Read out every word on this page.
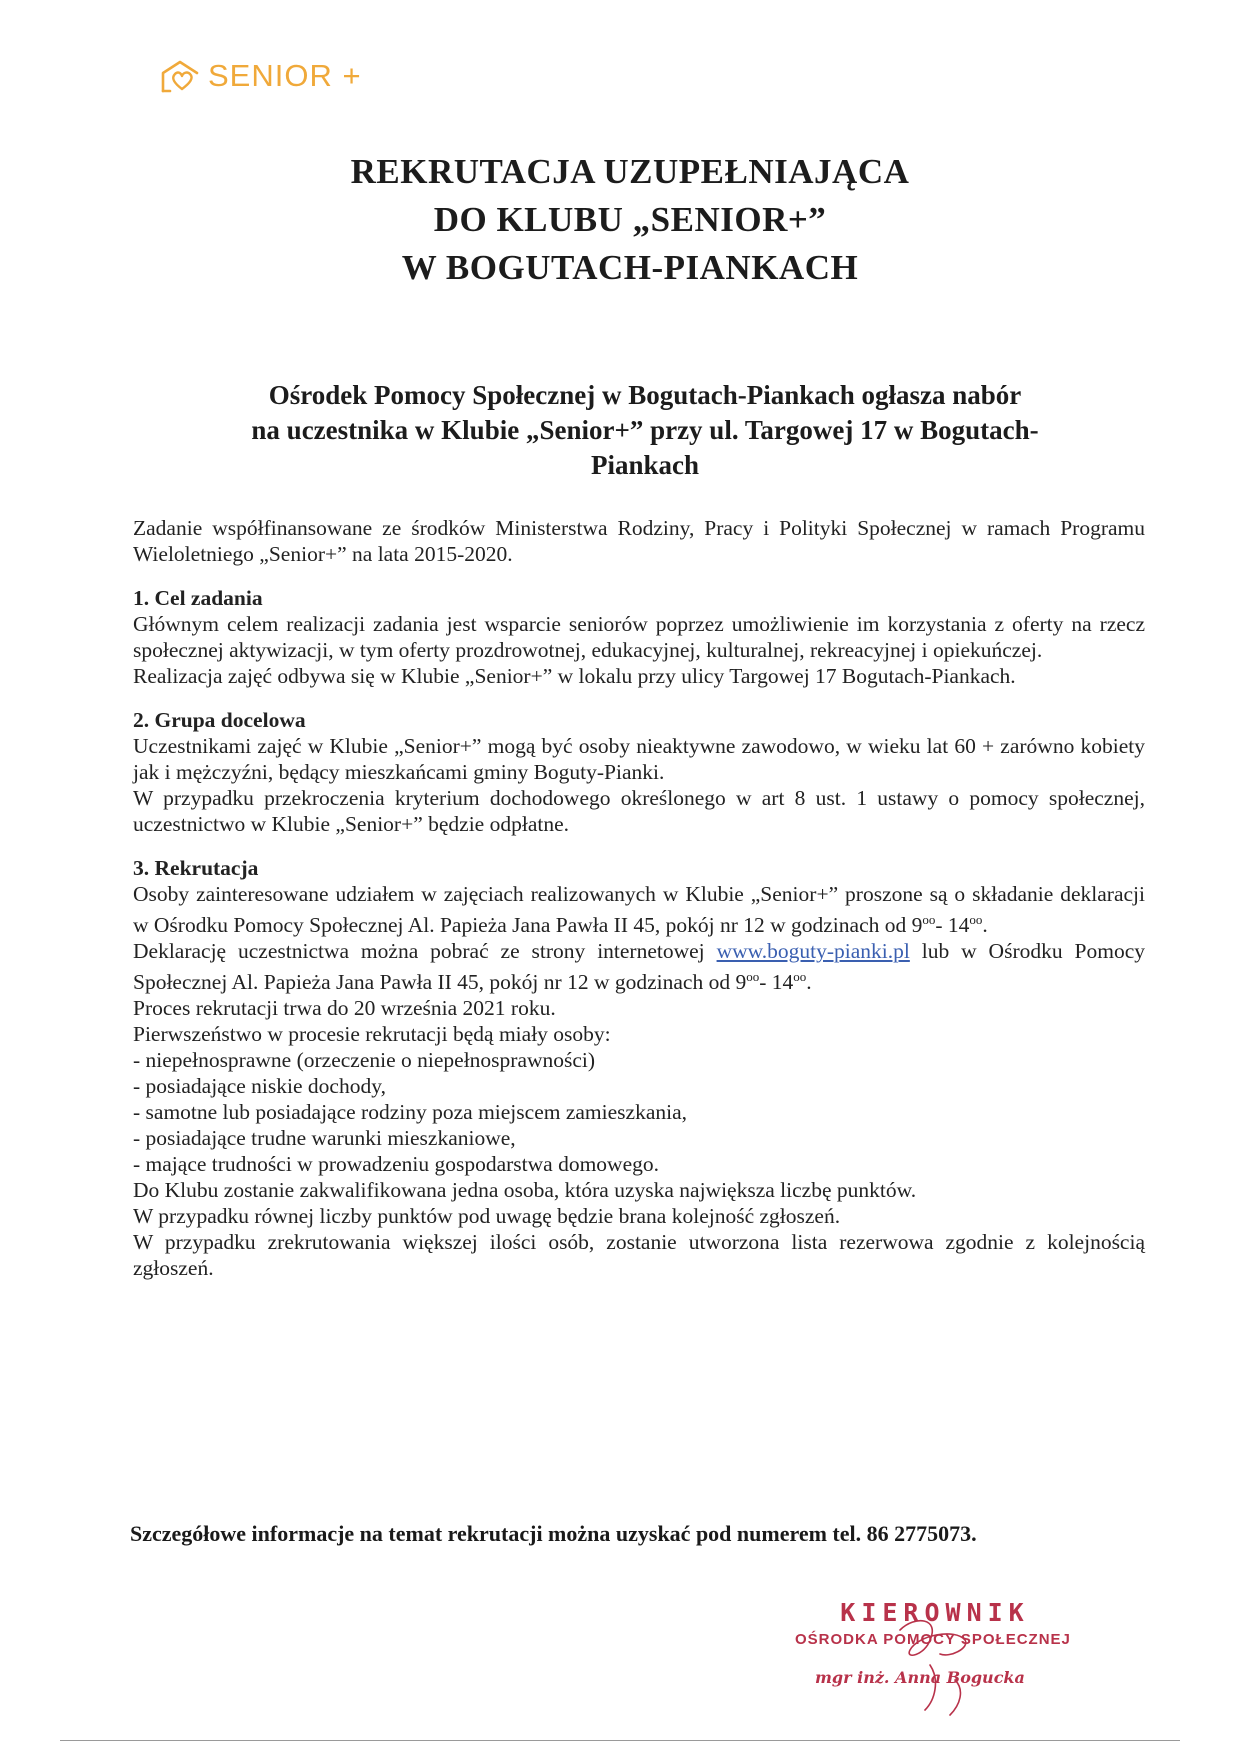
SENIOR +
REKRUTACJA UZUPEŁNIAJĄCA
DO KLUBU „SENIOR+”
W BOGUTACH-PIANKACH
Ośrodek Pomocy Społecznej w Bogutach-Piankach ogłasza nabór
na uczestnika w Klubie „Senior+” przy ul. Targowej 17 w Bogutach-
Piankach

Zadanie współfinansowane ze środków Ministerstwa Rodziny, Pracy i Polityki Społecznej w ramach Programu Wieloletniego „Senior+” na lata 2015-2020.

1. Cel zadania

Głównym celem realizacji zadania jest wsparcie seniorów poprzez umożliwienie im korzystania z oferty na rzecz społecznej aktywizacji, w tym oferty prozdrowotnej, edukacyjnej, kulturalnej, rekreacyjnej i opiekuńczej.

Realizacja zajęć odbywa się w Klubie „Senior+” w lokalu przy ulicy Targowej 17 Bogutach-Piankach.

2. Grupa docelowa

Uczestnikami zajęć w Klubie „Senior+” mogą być osoby nieaktywne zawodowo, w wieku lat 60 + zarówno kobiety jak i mężczyźni, będący mieszkańcami gminy Boguty-Pianki.

W przypadku przekroczenia kryterium dochodowego określonego w art 8 ust. 1 ustawy o pomocy społecznej, uczestnictwo w Klubie „Senior+” będzie odpłatne.

3. Rekrutacja

Osoby zainteresowane udziałem w zajęciach realizowanych w Klubie „Senior+” proszone są o składanie deklaracji w Ośrodku Pomocy Społecznej Al. Papieża Jana Pawła II 45, pokój nr 12 w godzinach od $9^{oo}-$ $14^{oo}$.

Deklarację uczestnictwa można pobrać ze strony internetowej www.boguty-pianki.pl lub w Ośrodku Pomocy Społecznej Al. Papieża Jana Pawła II 45, pokój nr 12 w godzinach od $9^{oo}-$ $14^{oo}$.

Proces rekrutacji trwa do 20 września 2021 roku.

Pierwszeństwo w procesie rekrutacji będą miały osoby:

- niepełnosprawne (orzeczenie o niepełnosprawności)

- posiadające niskie dochody,

- samotne lub posiadające rodziny poza miejscem zamieszkania,

- posiadające trudne warunki mieszkaniowe,

- mające trudności w prowadzeniu gospodarstwa domowego.

Do Klubu zostanie zakwalifikowana jedna osoba, która uzyska największa liczbę punktów.

W przypadku równej liczby punktów pod uwagę będzie brana kolejność zgłoszeń.

W przypadku zrekrutowania większej ilości osób, zostanie utworzona lista rezerwowa zgodnie z kolejnością zgłoszeń.

Szczegółowe informacje na temat rekrutacji można uzyskać pod numerem tel. 86 2775073.
KIEROWNIK
OŚRODKA POMOCY SPOŁECZNEJ
mgr inż. Anna Bogucka
